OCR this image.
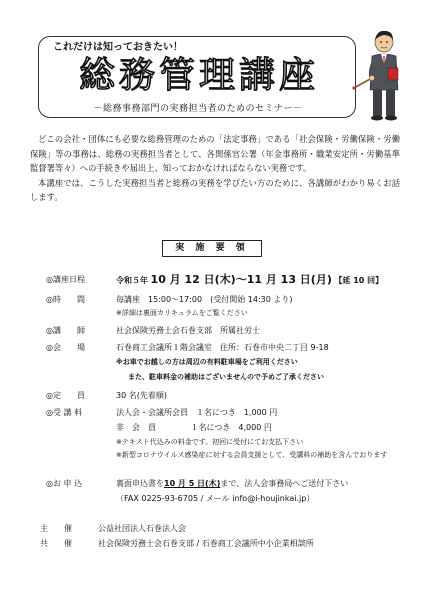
これだけは知っておきたい！
総務管理講座
－総務事務部門の実務担当者のためのセミナー－

どこの会社・団体にも必要な総務管理のための「法定事務」である「社会保険・労働保険・労働保険」等の事務は、総務の実務担当者として、各関係官公署（年金事務所・職業安定所・労働基準監督署等々）への手続きや届出上、知っておかなければならない実務です。

本講座では、こうした実務担当者と総務の実務を学びたい方のために、各講師がわかり易くお話します。

実 施 要 領
◎講座日程	令和５年 10 月 12 日(木)～11 月 13 日(月) 【延 10 回】
◎時　　間	毎講座　15:00～17:00　(受付開始 14:30 より)
※詳細は裏面カリキュラムをご覧ください
◎講　　師	社会保険労務士会石巻支部　所属社労士
◎会　　場	石巻商工会議所１階会議室　住所：石巻市中央二丁目 9-18
※お車でお越しの方は周辺の有料駐車場をご利用ください
また、駐車料金の補助はございませんので予めご了承ください
◎定　　員	30 名(先着順)
◎受 講 料	法人会・会議所会員　１名につき　1,000 円
非　会　員　　　　 １名につき　4,000 円
※テキスト代込みの料金です。初回に受付にてお支払下さい
※新型コロナウイルス感染症に対する会員支援として、受講料の補助を含んでおります
◎お 申 込	裏面申込書を10 月 5 日(木)まで、法人会事務局へご送付下さい
（FAX 0225-93-6705 / メール info@i-houjinkai.jp）
主　　催	公益社団法人石巻法人会
共　　催	社会保険労務士会石巻支部 / 石巻商工会議所中小企業相談所
